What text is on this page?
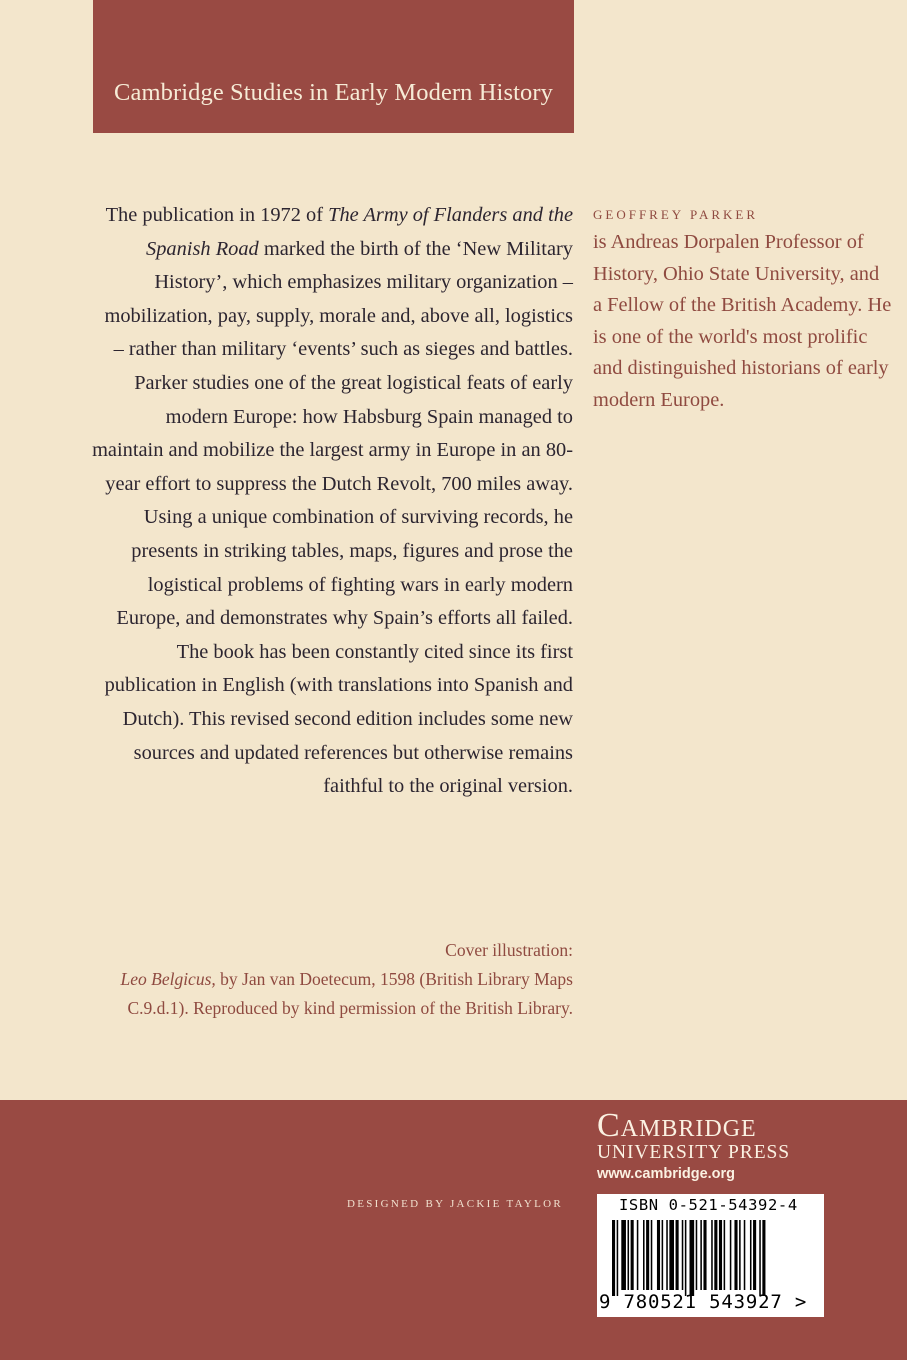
Cambridge Studies in Early Modern History

The publication in 1972 of The Army of Flanders and the Spanish Road marked the birth of the ‘New Military History’, which emphasizes military organization – mobilization, pay, supply, morale and, above all, logistics – rather than military ‘events’ such as sieges and battles. Parker studies one of the great logistical feats of early modern Europe: how Habsburg Spain managed to maintain and mobilize the largest army in Europe in an 80-year effort to suppress the Dutch Revolt, 700 miles away. Using a unique combination of surviving records, he presents in striking tables, maps, figures and prose the logistical problems of fighting wars in early modern Europe, and demonstrates why Spain’s efforts all failed.

The book has been constantly cited since its first publication in English (with translations into Spanish and Dutch). This revised second edition includes some new sources and updated references but otherwise remains faithful to the original version.

GEOFFREY PARKER
is Andreas Dorpalen Professor of History, Ohio State University, and a Fellow of the British Academy. He is one of the world's most prolific and distinguished historians of early modern Europe.

Cover illustration:

Leo Belgicus, by Jan van Doetecum, 1598 (British Library Maps C.9.d.1). Reproduced by kind permission of the British Library.

DESIGNED BY JACKIE TAYLOR
Cambridge
UNIVERSITY PRESS
www.cambridge.org
ISBN 0-521-54392-4
9 780521 543927 >
